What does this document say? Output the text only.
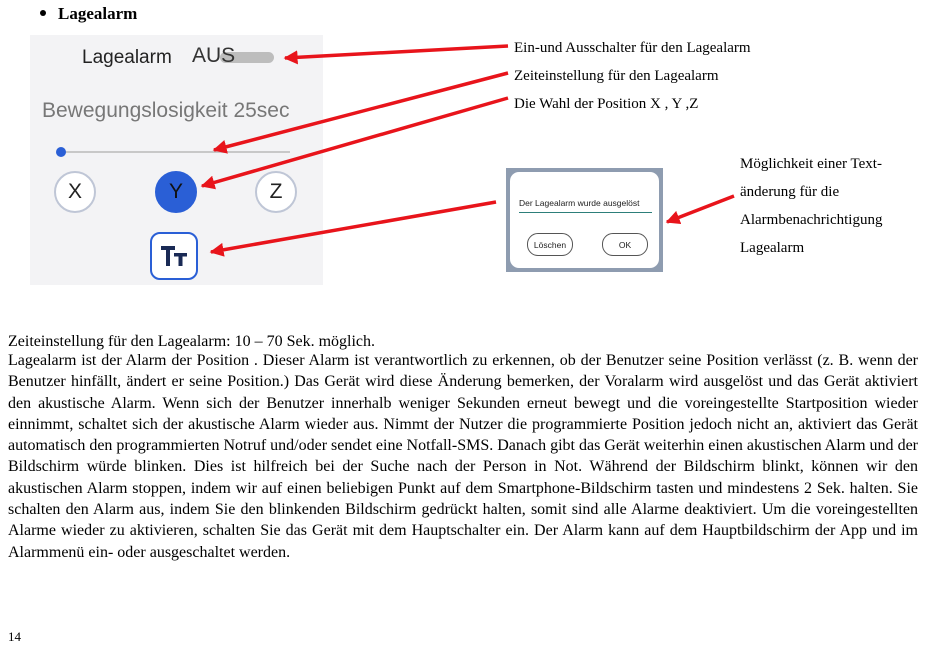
Lagealarm
Lagealarm AUS
Bewegungslosigkeit 25sec
X	Y	Z	Der Lagealarm wurde ausgelöst
Löschen	OK
Ein-und Ausschalter für den Lagealarm
Zeiteinstellung für den Lagealarm
Die Wahl der Position X , Y ,Z
Möglichkeit einer Text-
änderung für die
Alarmbenachrichtigung
Lagealarm
Zeiteinstellung für den Lagealarm: 10 – 70 Sek. möglich.
Lagealarm ist der Alarm der Position . Dieser Alarm ist verantwortlich zu erkennen, ob der Benutzer seine Position verlässt (z. B. wenn der Benutzer hinfällt, ändert er seine Position.) Das Gerät wird diese Änderung bemerken, der Voralarm wird ausgelöst und das Gerät aktiviert den akustische Alarm. Wenn sich der Benutzer innerhalb weniger Sekunden erneut bewegt und die voreingestellte Startposition wieder einnimmt, schaltet sich der akustische Alarm wieder aus. Nimmt der Nutzer die programmierte Position jedoch nicht an, aktiviert das Gerät automatisch den programmierten Notruf und/oder sendet eine Notfall-SMS. Danach gibt das Gerät weiterhin einen akustischen Alarm und der Bildschirm würde blinken. Dies ist hilfreich bei der Suche nach der Person in Not. Während der Bildschirm blinkt, können wir den akustischen Alarm stoppen, indem wir auf einen beliebigen Punkt auf dem Smartphone-Bildschirm tasten und mindestens 2 Sek. halten. Sie schalten den Alarm aus, indem Sie den blinkenden Bildschirm gedrückt halten, somit sind alle Alarme deaktiviert. Um die voreingestellten Alarme wieder zu aktivieren, schalten Sie das Gerät mit dem Hauptschalter ein. Der Alarm kann auf dem Hauptbildschirm der App und im Alarmmenü ein- oder ausgeschaltet werden.
14
